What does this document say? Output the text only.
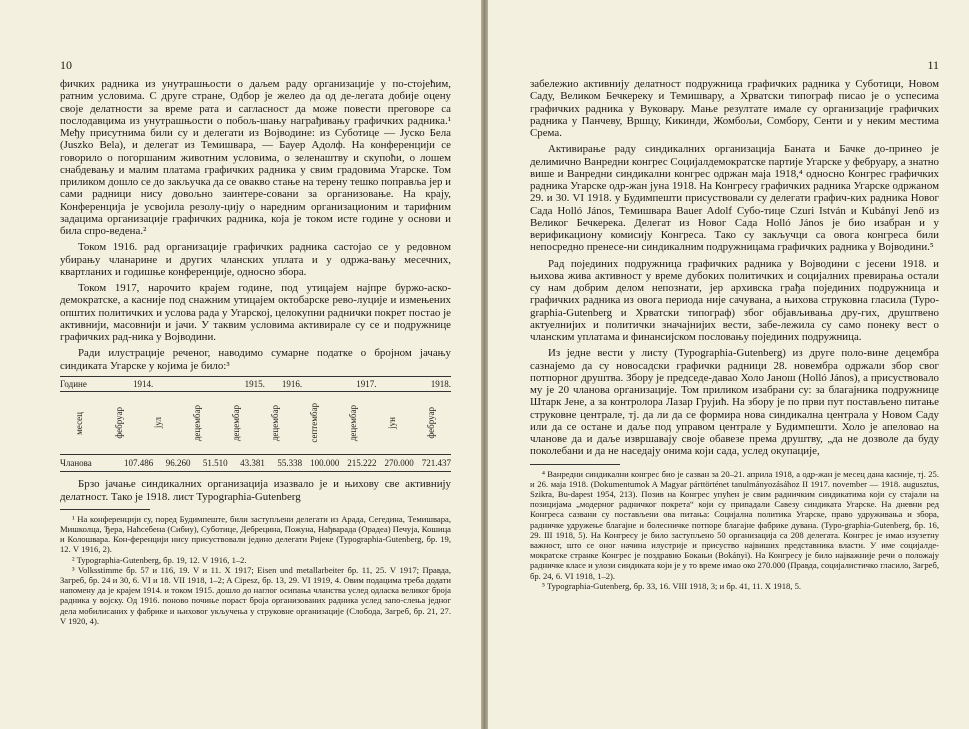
10

фичких радника из унутрашњости о даљем раду организације у по-стојећим, ратним условима. С друге стране, Одбор је желео да од де-легата добије оцену своје делатности за време рата и сагласност да може повести преговоре са послодавцима из унутрашњости о побољ-шању награђивању графичких радника.¹ Међу присутнима били су и делегати из Војводине: из Суботице — Јуско Бела (Juszko Bela), и делегат из Темишвара, — Бауер Адолф. На конференцији се говорило о погоршаним животним условима, о зеленаштву и скупоћи, о лошем снабдевању и малим платама графичких радника у свим градовима Угарске. Том приликом дошло се до закључка да се овакво стање на терену тешко поправља јер и сами радници нису довољно заинтере-совани за организовање. На крају, Конференција је усвојила резолу-цију о наредним организационим и тарифним задацима организације графичких радника, која је током исте године у основи и била спро-ведена.²

Током 1916. рад организације графичких радника састојао се у редовном убирању чланарине и других чланских уплата и у одржа-вању месечних, квартланих и годишње конференције, односно збора.

Током 1917, нарочито крајем године, под утицајем најпре буржо-аско-демократске, а касније под снажним утицајем октобарске рево-луције и измењених општих политичких и услова рада у Угарској, целокупни раднички покрет постао је активнији, масовнији и јачи. У таквим условима активирале су се и подружнице графичких рад-ника у Војводини.

Ради илустрације реченог, наводимо сумарне податке о бројном јачању синдиката Угарске у којима је било:³

Године	1914.	1915.	1916.	1917.	1918.
месец	фебруар	јул	децембар	децембар	децембар	септембар	децембар	јун	фебруар
Чланова	107.486	96.260	51.510	43.381	55.338 100.000 215.222 270.000 721.437

Брзо јачање синдикалних организација изазвало је и њихову све активнију делатност. Тако је 1918. лист Typographia-Gutenberg

¹ На конференцији су, поред Будимпеште, били заступљени делегати из Арада, Сегедина, Темишвара, Мишколца, Ђера, Наћсебена (Сибиу), Суботице, Дебрецина, Пожуна, Нађварада (Орадеа) Печуја, Кошица и Колошвара. Кон-ференцији нису присуствовали једино делегати Ријеке (Typographia-Gutenberg, бр. 19, 12. V 1916, 2).

² Typographia-Gutenberg, бр. 19, 12. V 1916, 1–2.

³ Volksstimme бр. 57 и 116, 19. V и 11. X 1917; Eisen und metallarbeiter бр. 11, 25. V 1917; Правда, Загреб, бр. 24 и 30, 6. VI и 18. VII 1918, 1–2; A Cipesz, бр. 13, 29. VI 1919, 4. Овим подацима треба додати напомену да је крајем 1914. и током 1915. дошло до наглог осипања чланства услед одласка великог броја радника у војску. Од 1916. поново почиње пораст броја организованих радника услед запо-слења једног дела мобилисаних у фабрике и њиховог укључења у струковне организације (Слобода, Загреб, бр. 21, 27. V 1920, 4).

11

забележио активнију делатност подружница графичких радника у Суботици, Новом Саду, Великом Бечкереку и Темишвару, а Хрватски типограф писао је о успесима графичких радника у Вуковару. Мање резултате имале су организације графичких радника у Панчеву, Вршцу, Кикинди, Жомбољи, Сомбору, Сенти и у неким местима Срема.

Активирање раду синдикалних организација Баната и Бачке до-принео је делимично Ванредни конгрес Социјалдемократске партије Угарске у фебруару, а знатно више и Ванредни синдикални конгрес одржан маја 1918,⁴ односно Конгрес графичких радника Угарске одр-жан јуна 1918. На Конгресу графичких радника Угарске одржаном 29. и 30. VI 1918. у Будимпешти присуствовали су делегати графич-ких радника Новог Сада Holló János, Темишвара Bauer Adolf Субо-тице Czuri István и Kubányi Jenő из Великог Бечкерека. Делегат из Новог Сада Holló János је био изабран и у верификациону комисију Конгреса. Тако су закључци са овога конгреса били непосредно пренесе-ни синдикалним подружницама графичких радника у Војводини.⁵

Рад појединих подружница графичких радника у Војводини с јесени 1918. и њихова жива активност у време дубоких политичких и социјалних превирања остали су нам добрим делом непознати, јер архивска грађа појединих подружница и графичких радника из овога периода није сачувана, а њихова струковна гласила (Typo-graphia-Gutenberg и Хрватски типограф) због објављивања дру-гих, друштвено актуелнијих и политички значајнијих вести, забе-лежила су само понеку вест о чланским уплатама и финансијском пословању појединих подружница.

Из једне вести у листу (Typographia-Gutenberg) из друге поло-вине децембра сазнајемо да су новосадски графички радници 28. новембра одржали збор свог потпорног друштва. Збору је председе-давао Холо Јанош (Holló János), а присуствовало му је 20 чланова организације. Том приликом изабрани су: за благајника подружнице Штарк Јене, а за контролора Лазар Грујић. На збору је по први пут постављено питање струковне централе, тј. да ли да се формира нова синдикална централа у Новом Саду или да се остане и даље под управом централе у Будимпешти. Холо је апеловао на чланове да и даље извршавају своје обавезе према друштву, „да не дозволе да буду поколебани и да не наседају онима који сада, услед окупације,

⁴ Ванредни синдикални конгрес био је сазван за 20–21. априла 1918, а одр-жан је месец дана касније, тј. 25. и 26. маја 1918. (Dokumentumok A Magyar párttörténet tanulmányozásához II 1917. november — 1918. augusztus, Szikra, Bu-dapest 1954, 213). Позив на Конгрес упућен је свим радничким синдикатима који су стајали на позицијама „модерног радничког покрета“ који су припадали Савезу синдиката Угарске. На дневни ред Конгреса сазвани су постављени ова питања: Социјална политика Угарске, право удруживања и збора, радничке удружење благајне и болесничке потпоре благајне фабрике дувана. (Typo-graphia-Gutenberg, бр. 16, 29. III 1918, 5). На Конгресу је било заступљено 50 организација са 208 делегата. Конгрес је имао изузетну важност, што се оног начина илустрије и присуство највиших представника власти. У име социјалде-мократске странке Конгрес је поздравио Бокањи (Bokányi). На Конгресу је било најважније речи о положају радничке класе и улози синдиката који је у то време имао око 270.000 (Правда, социјалистичко гласило, Загреб, бр. 24, 6. VI 1918, 1–2).

⁵ Typographia-Gutenberg, бр. 33, 16. VIII 1918, 3; и бр. 41, 11. X 1918, 5.
